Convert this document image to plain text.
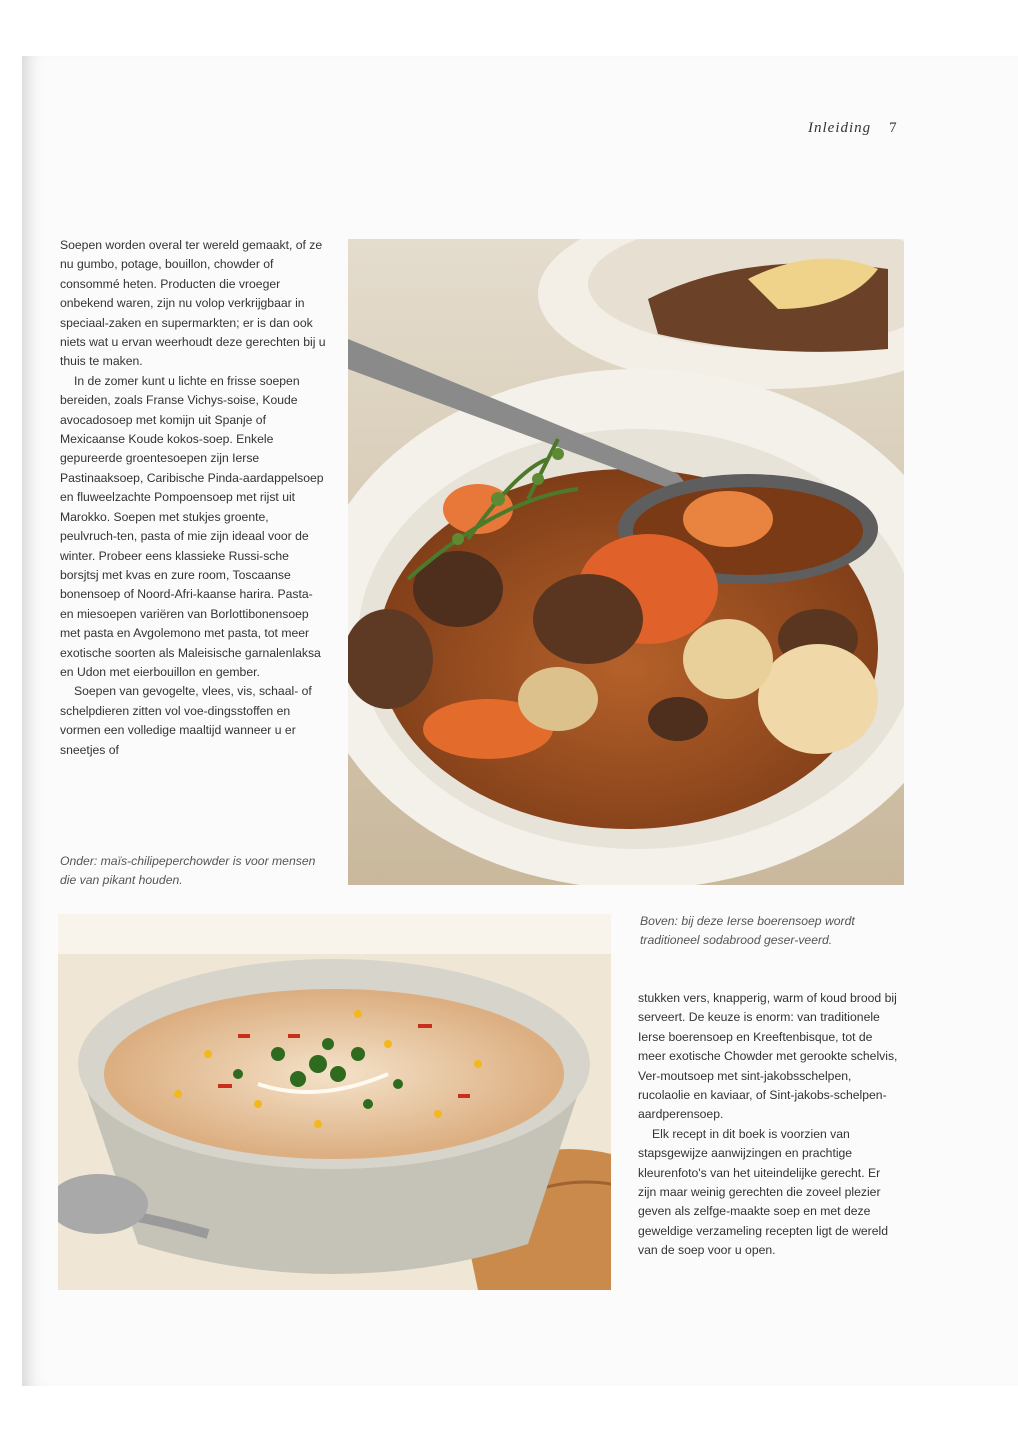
Inleiding 7

Soepen worden overal ter wereld gemaakt, of ze nu gumbo, potage, bouillon, chowder of consommé heten. Producten die vroeger onbekend waren, zijn nu volop verkrijgbaar in speciaal-zaken en supermarkten; er is dan ook niets wat u ervan weerhoudt deze gerechten bij u thuis te maken.

In de zomer kunt u lichte en frisse soepen bereiden, zoals Franse Vichys-soise, Koude avocadosoep met komijn uit Spanje of Mexicaanse Koude kokos-soep. Enkele gepureerde groentesoepen zijn Ierse Pastinaaksoep, Caribische Pinda-aardappelsoep en fluweelzachte Pompoensoep met rijst uit Marokko. Soepen met stukjes groente, peulvruch-ten, pasta of mie zijn ideaal voor de winter. Probeer eens klassieke Russi-sche borsjtsj met kvas en zure room, Toscaanse bonensoep of Noord-Afri-kaanse harira. Pasta- en miesoepen variëren van Borlottibonensoep met pasta en Avgolemono met pasta, tot meer exotische soorten als Maleisische garnalenlaksa en Udon met eierbouillon en gember.

Soepen van gevogelte, vlees, vis, schaal- of schelpdieren zitten vol voe-dingsstoffen en vormen een volledige maaltijd wanneer u er sneetjes of

Onder: maïs-chilipeperchowder is voor mensen die van pikant houden.
Boven: bij deze Ierse boerensoep wordt traditioneel sodabrood geser-veerd.

stukken vers, knapperig, warm of koud brood bij serveert. De keuze is enorm: van traditionele Ierse boerensoep en Kreeftenbisque, tot de meer exotische Chowder met gerookte schelvis, Ver-moutsoep met sint-jakobsschelpen, rucolaolie en kaviaar, of Sint-jakobs-schelpen-aardperensoep.

Elk recept in dit boek is voorzien van stapsgewijze aanwijzingen en prachtige kleurenfoto's van het uiteindelijke gerecht. Er zijn maar weinig gerechten die zoveel plezier geven als zelfge-maakte soep en met deze geweldige verzameling recepten ligt de wereld van de soep voor u open.
